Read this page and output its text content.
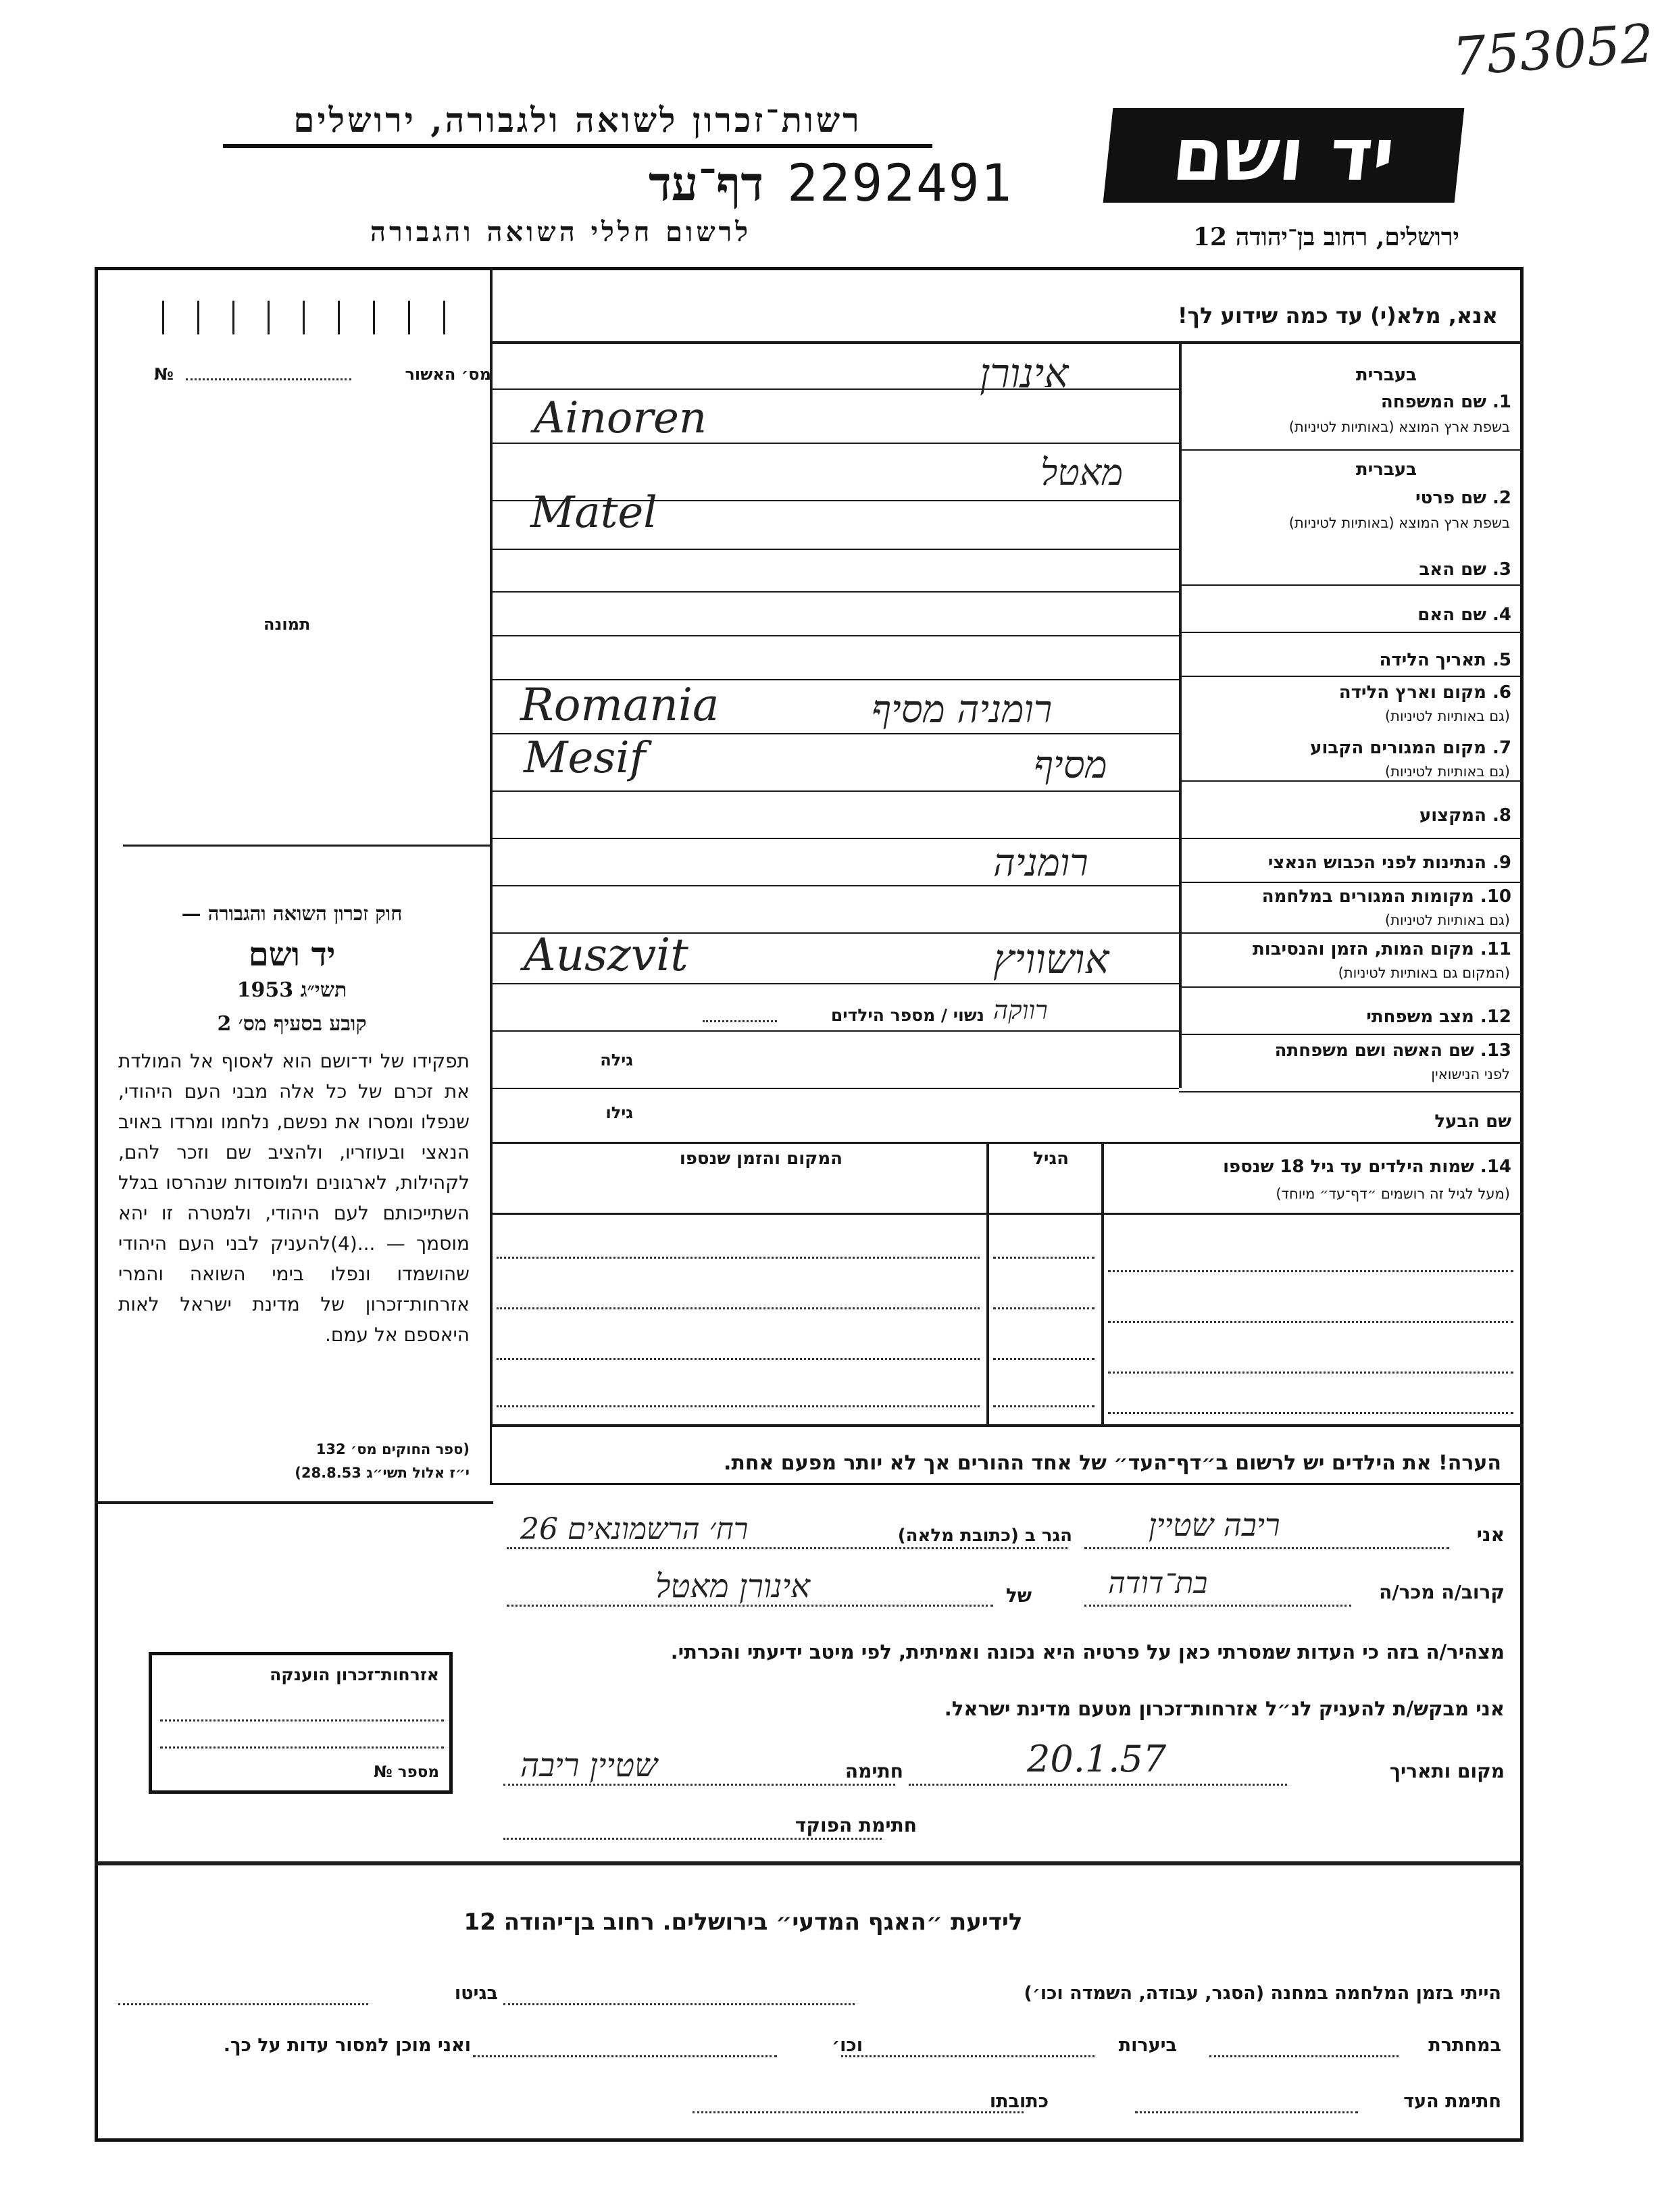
753052
רשות־זכרון לשואה ולגבורה, ירושלים
דף־עד 2292491
לרשום חללי השואה והגבורה
יד ושם
ירושלים, רחוב בן־יהודה 12
אנא, מלא(י) עד כמה שידוע לך!
מס׳ האשור
№
תמונה
חוק זכרון השואה והגבורה —
יד ושם
תשי״ג 1953
קובע בסעיף מס׳ 2
תפקידו של יד־ושם הוא לאסוף אל המולדת את זכרם של כל אלה מבני העם היהודי, שנפלו ומסרו את נפשם, נלחמו ומרדו באויב הנאצי ובעוזריו, ולהציב שם וזכר להם, לקהילות, לארגונים ולמוסדות שנהרסו בגלל השתייכותם לעם היהודי, ולמטרה זו יהא מוסמך — ...(4)להעניק לבני העם היהודי שהושמדו ונפלו בימי השואה והמרי אזרחות־זכרון של מדינת ישראל לאות היאספם אל עמם.
(ספר החוקים מס׳ 132
י״ז אלול תשי״ג 28.8.53)
אזרחות־זכרון הוענקה
מספר №
בעברית
1. שם המשפחה
בשפת ארץ המוצא (באותיות לטיניות)
אינורן
Ainoren
בעברית
2. שם פרטי
בשפת ארץ המוצא (באותיות לטיניות)
מאטל
Matel
3. שם האב
4. שם האם
5. תאריך הלידה
6. מקום וארץ הלידה
(גם באותיות לטיניות)
רומניה מסיף
Romania
7. מקום המגורים הקבוע
(גם באותיות לטיניות)
מסיף
Mesif
8. המקצוע
9. הנתינות לפני הכבוש הנאצי
רומניה
10. מקומות המגורים במלחמה
(גם באותיות לטיניות)
11. מקום המות, הזמן והנסיבות
(המקום גם באותיות לטיניות)
אושוויץ
Auszvit
12. מצב משפחתי
רווקה
נשוי / מספר הילדים
13. שם האשה ושם משפחתה
לפני הנישואין
גילה
גילו	שם הבעל
14. שמות הילדים עד גיל 18 שנספו
(מעל לגיל זה רושמים ״דף־עד״ מיוחד)
הגיל
המקום והזמן שנספו
הערה! את הילדים יש לרשום ב״דף־העד״ של אחד ההורים אך לא יותר מפעם אחת.
אני
ריבה שטיין
הגר ב (כתובת מלאה)
רח׳ הרשמונאים 26
קרוב/ה מכר/ה
בת־דודה
של
אינורן מאטל
מצהיר/ה בזה כי העדות שמסרתי כאן על פרטיה היא נכונה ואמיתית, לפי מיטב ידיעתי והכרתי.
אני מבקש/ת להעניק לנ״ל אזרחות־זכרון מטעם מדינת ישראל.
מקום ותאריך
20.1.57
חתימה
שטיין ריבה
חתימת הפוקד
לידיעת ״האגף המדעי״ בירושלים. רחוב בן־יהודה 12
הייתי בזמן המלחמה במחנה (הסגר, עבודה, השמדה וכו׳)
בגיטו
במחתרת
ביערות
וכו׳
ואני מוכן למסור עדות על כך.
חתימת העד
כתובתו
